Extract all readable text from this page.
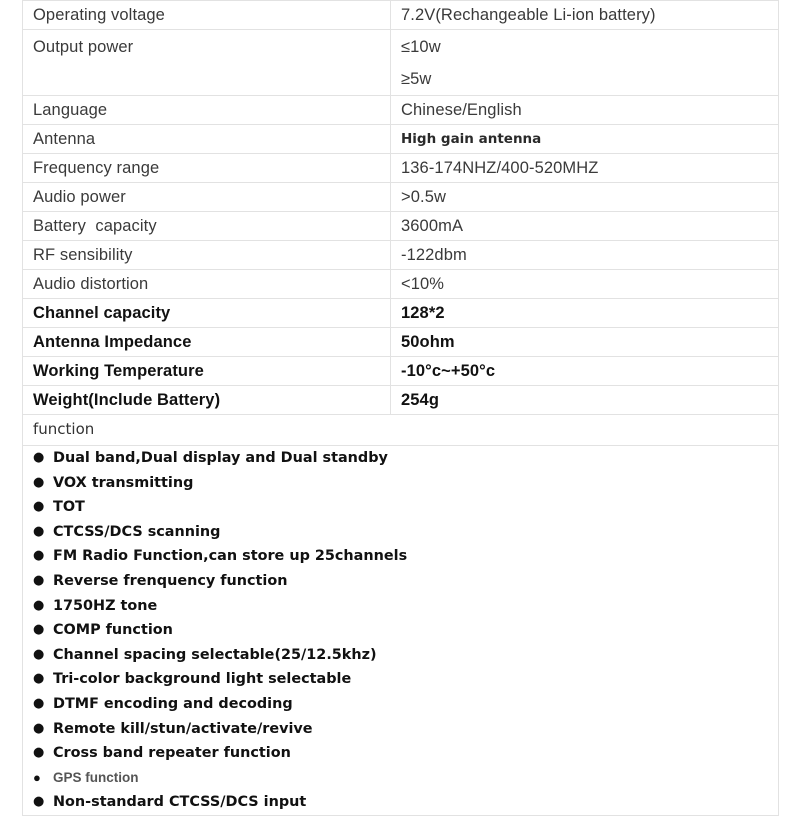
Operating voltage	7.2V(Rechangeable Li-ion battery)

Output power	≤10w
≥5w

Language	Chinese/English

Antenna	High gain antenna

Frequency range	136-174NHZ/400-520MHZ

Audio power	>0.5w

Battery  capacity	3600mA

RF sensibility	-122dbm

Audio distortion	<10%

Channel capacity	128*2

Antenna Impedance	50ohm

Working Temperature	-10°c~+50°c

Weight(Include Battery)	254g

function	

● Dual band,Dual display and Dual standby
● VOX transmitting
● TOT
● CTCSS/DCS scanning
● FM Radio Function,can store up 25channels
● Reverse frenquency function
● 1750HZ tone
● COMP function
● Channel spacing selectable(25/12.5khz)
● Tri-color background light selectable
● DTMF encoding and decoding
● Remote kill/stun/activate/revive
● Cross band repeater function
● GPS function
● Non-standard CTCSS/DCS input
